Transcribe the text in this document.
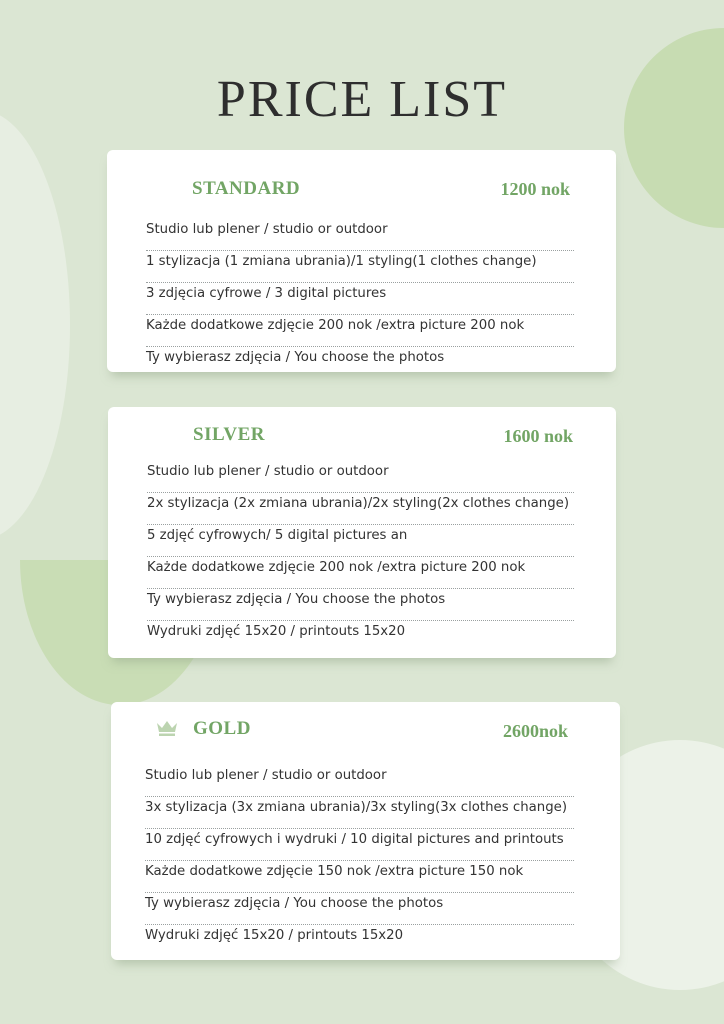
PRICE LIST
STANDARD	1200 nok
Studio lub plener / studio or outdoor
1 stylizacja (1 zmiana ubrania)/1 styling(1 clothes change)
3 zdjęcia cyfrowe / 3 digital pictures
Każde dodatkowe zdjęcie 200 nok /extra picture 200 nok
Ty wybierasz zdjęcia / You choose the photos
SILVER	1600 nok
Studio lub plener / studio or outdoor
2x stylizacja (2x zmiana ubrania)/2x styling(2x clothes change)
5 zdjęć cyfrowych/ 5 digital pictures an
Każde dodatkowe zdjęcie 200 nok /extra picture 200 nok
Ty wybierasz zdjęcia / You choose the photos
Wydruki zdjęć 15x20 / printouts 15x20
GOLD	2600nok
Studio lub plener / studio or outdoor
3x stylizacja (3x zmiana ubrania)/3x styling(3x clothes change)
10 zdjęć cyfrowych i wydruki / 10 digital pictures and printouts
Każde dodatkowe zdjęcie 150 nok /extra picture 150 nok
Ty wybierasz zdjęcia / You choose the photos
Wydruki zdjęć 15x20 / printouts 15x20
